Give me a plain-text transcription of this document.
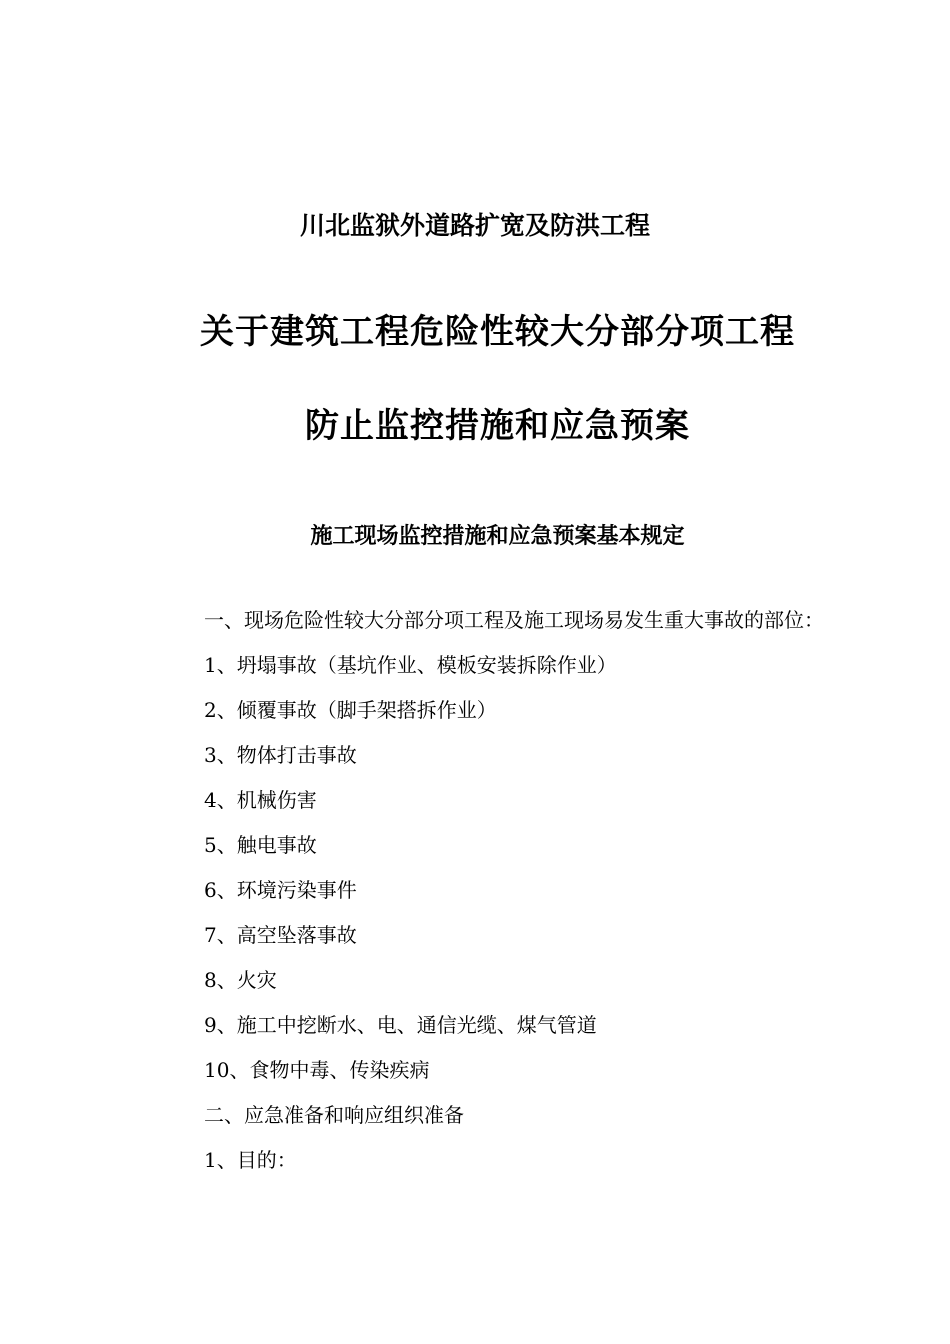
川北监狱外道路扩宽及防洪工程
关于建筑工程危险性较大分部分项工程
防止监控措施和应急预案
施工现场监控措施和应急预案基本规定

一、现场危险性较大分部分项工程及施工现场易发生重大事故的部位：

1、坍塌事故（基坑作业、模板安装拆除作业）

2、倾覆事故（脚手架搭拆作业）

3、物体打击事故

4、机械伤害

5、触电事故

6、环境污染事件

7、高空坠落事故

8、火灾

9、施工中挖断水、电、通信光缆、煤气管道

10、食物中毒、传染疾病

二、应急准备和响应组织准备

1、目的：
